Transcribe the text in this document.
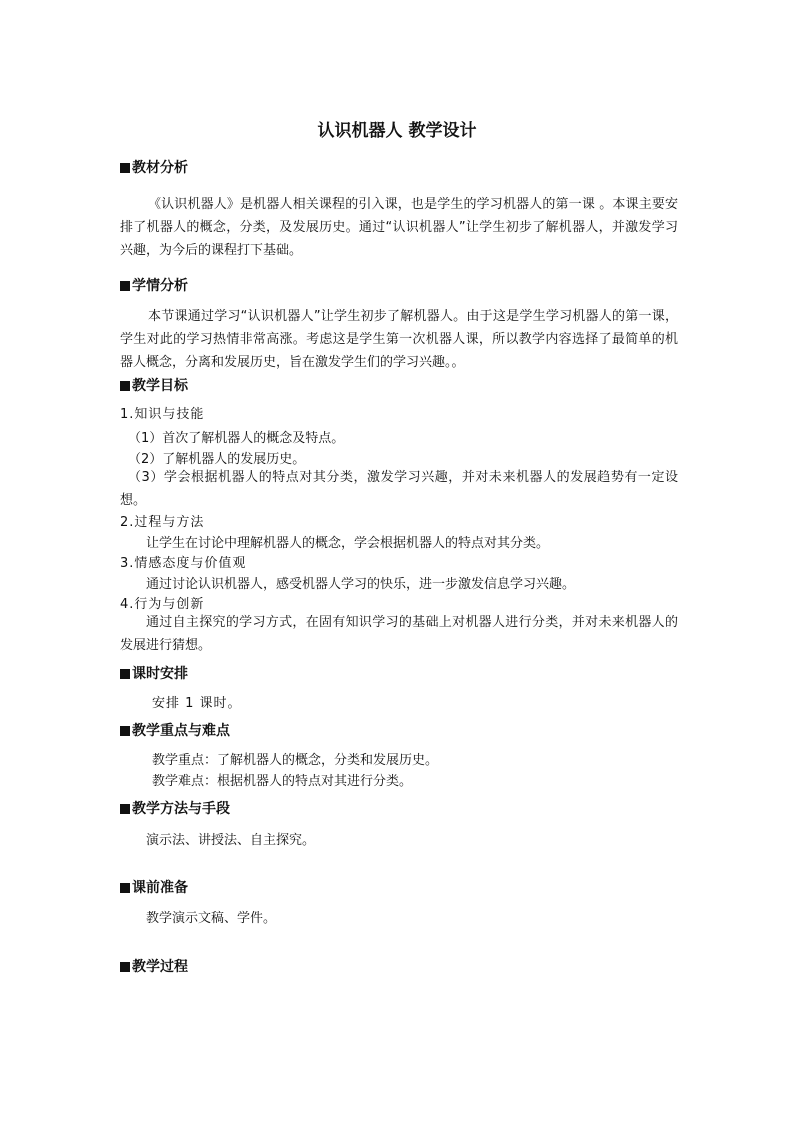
认识机器人 教学设计
教材分析
《认识机器人》是机器人相关课程的引入课，也是学生的学习机器人的第一课 。本课主要安排了机器人的概念，分类，及发展历史。通过“认识机器人”让学生初步了解机器人，并激发学习兴趣，为今后的课程打下基础。
学情分析
本节课通过学习“认识机器人”让学生初步了解机器人。由于这是学生学习机器人的第一课，学生对此的学习热情非常高涨。考虑这是学生第一次机器人课，所以教学内容选择了最简单的机器人概念，分离和发展历史，旨在激发学生们的学习兴趣。。
教学目标
1.知识与技能
（1）首次了解机器人的概念及特点。
（2）了解机器人的发展历史。
（3）学会根据机器人的特点对其分类，激发学习兴趣，并对未来机器人的发展趋势有一定设想。
2.过程与方法
让学生在讨论中理解机器人的概念，学会根据机器人的特点对其分类。
3.情感态度与价值观
通过讨论认识机器人，感受机器人学习的快乐，进一步激发信息学习兴趣。
4.行为与创新
通过自主探究的学习方式，在固有知识学习的基础上对机器人进行分类，并对未来机器人的发展进行猜想。
课时安排
安排 1 课时。
教学重点与难点
教学重点：了解机器人的概念，分类和发展历史。
教学难点：根据机器人的特点对其进行分类。
教学方法与手段
演示法、讲授法、自主探究。
课前准备
教学演示文稿、学件。
教学过程
